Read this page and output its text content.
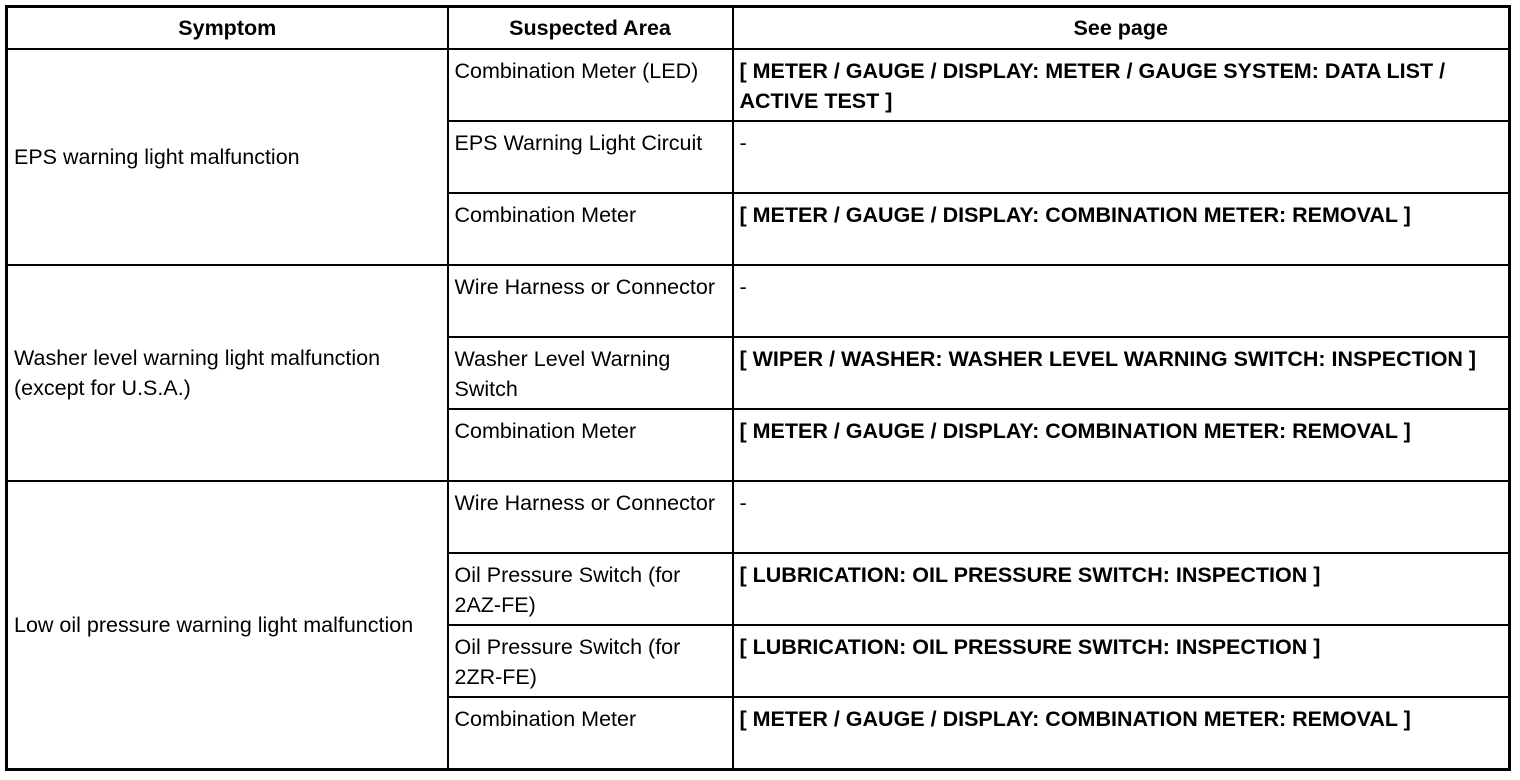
Symptom	Suspected Area	See page
EPS warning light malfunction	Combination Meter (LED)	[ METER / GAUGE / DISPLAY: METER / GAUGE SYSTEM: DATA LIST / ACTIVE TEST ]
	EPS Warning Light Circuit	-
	Combination Meter	[ METER / GAUGE / DISPLAY: COMBINATION METER: REMOVAL ]
Washer level warning light malfunction (except for U.S.A.)	Wire Harness or Connector	-
	Washer Level Warning Switch	[ WIPER / WASHER: WASHER LEVEL WARNING SWITCH: INSPECTION ]
	Combination Meter	[ METER / GAUGE / DISPLAY: COMBINATION METER: REMOVAL ]
Low oil pressure warning light malfunction	Wire Harness or Connector	-
	Oil Pressure Switch (for 2AZ-FE)	[ LUBRICATION: OIL PRESSURE SWITCH: INSPECTION ]
	Oil Pressure Switch (for 2ZR-FE)	[ LUBRICATION: OIL PRESSURE SWITCH: INSPECTION ]
	Combination Meter	[ METER / GAUGE / DISPLAY: COMBINATION METER: REMOVAL ]
